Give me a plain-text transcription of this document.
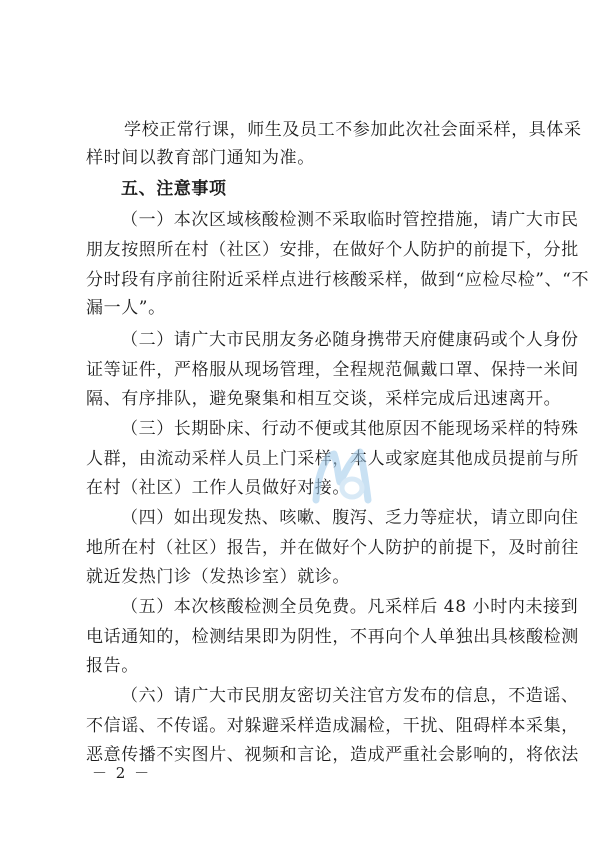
学校正常行课，师生及员工不参加此次社会面采样，具体采
样时间以教育部门通知为准。
五、注意事项
（一）本次区域核酸检测不采取临时管控措施，请广大市民
朋友按照所在村（社区）安排，在做好个人防护的前提下，分批
分时段有序前往附近采样点进行核酸采样，做到“应检尽检”、“不
漏一人”。
（二）请广大市民朋友务必随身携带天府健康码或个人身份
证等证件，严格服从现场管理，全程规范佩戴口罩、保持一米间
隔、有序排队，避免聚集和相互交谈，采样完成后迅速离开。
（三）长期卧床、行动不便或其他原因不能现场采样的特殊
人群，由流动采样人员上门采样，本人或家庭其他成员提前与所
在村（社区）工作人员做好对接。
（四）如出现发热、咳嗽、腹泻、乏力等症状，请立即向住
地所在村（社区）报告，并在做好个人防护的前提下，及时前往
就近发热门诊（发热诊室）就诊。
（五）本次核酸检测全员免费。凡采样后 48 小时内未接到
电话通知的，检测结果即为阴性，不再向个人单独出具核酸检测
报告。
（六）请广大市民朋友密切关注官方发布的信息，不造谣、
不信谣、不传谣。对躲避采样造成漏检，干扰、阻碍样本采集，
恶意传播不实图片、视频和言论，造成严重社会影响的，将依法
－ 2 －
